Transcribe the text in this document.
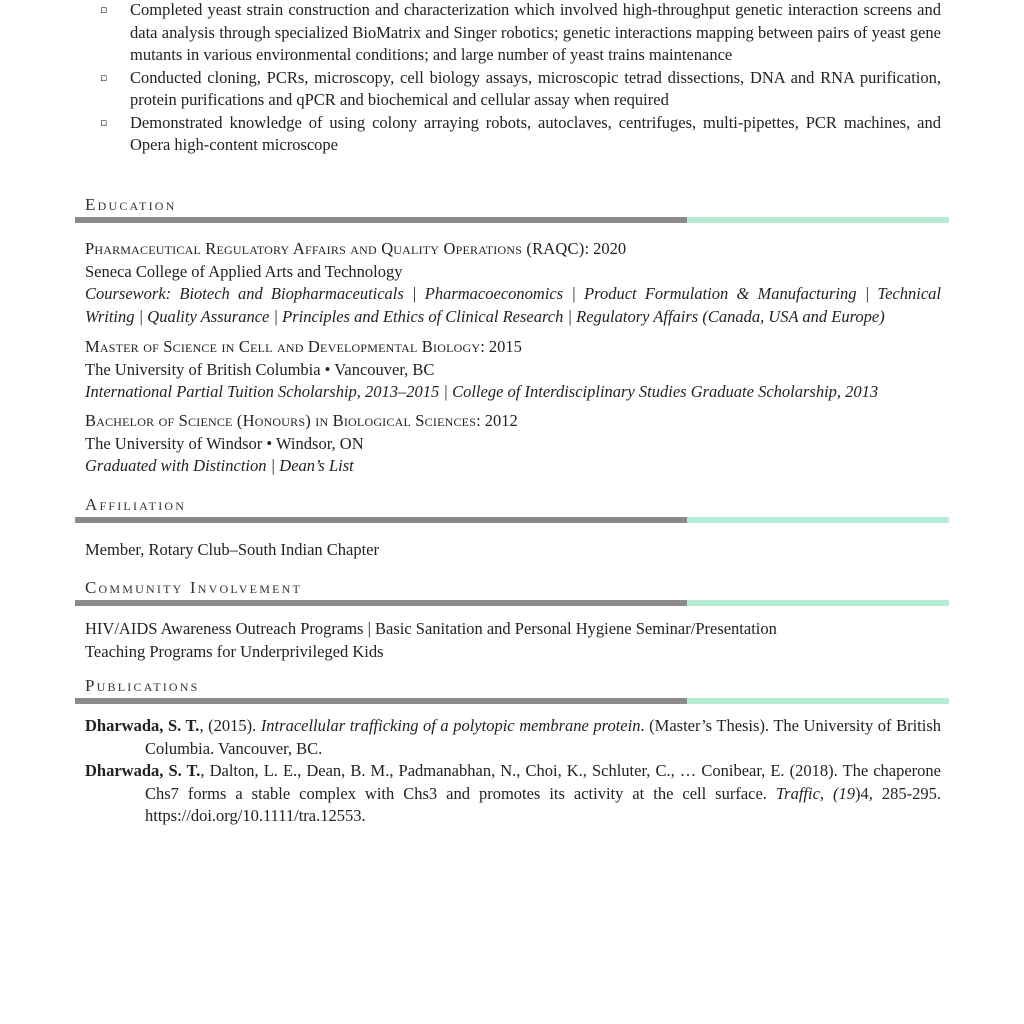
▫ Completed yeast strain construction and characterization which involved high-throughput genetic interaction screens and data analysis through specialized BioMatrix and Singer robotics; genetic interactions mapping between pairs of yeast gene mutants in various environmental conditions; and large number of yeast trains maintenance
▫ Conducted cloning, PCRs, microscopy, cell biology assays, microscopic tetrad dissections, DNA and RNA purification, protein purifications and qPCR and biochemical and cellular assay when required
▫ Demonstrated knowledge of using colony arraying robots, autoclaves, centrifuges, multi-pipettes, PCR machines, and Opera high-content microscope
Education
Pharmaceutical Regulatory Affairs and Quality Operations (RAQC): 2020
Seneca College of Applied Arts and Technology
Coursework: Biotech and Biopharmaceuticals | Pharmacoeconomics | Product Formulation & Manufacturing | Technical Writing | Quality Assurance | Principles and Ethics of Clinical Research | Regulatory Affairs (Canada, USA and Europe)
Master of Science in Cell and Developmental Biology: 2015
The University of British Columbia • Vancouver, BC
International Partial Tuition Scholarship, 2013–2015 | College of Interdisciplinary Studies Graduate Scholarship, 2013
Bachelor of Science (Honours) in Biological Sciences: 2012
The University of Windsor • Windsor, ON
Graduated with Distinction | Dean’s List
Affiliation
Member, Rotary Club–South Indian Chapter
Community Involvement
HIV/AIDS Awareness Outreach Programs | Basic Sanitation and Personal Hygiene Seminar/Presentation
Teaching Programs for Underprivileged Kids
Publications
Dharwada, S. T., (2015). Intracellular trafficking of a polytopic membrane protein. (Master’s Thesis). The University of British Columbia. Vancouver, BC.
Dharwada, S. T., Dalton, L. E., Dean, B. M., Padmanabhan, N., Choi, K., Schluter, C., … Conibear, E. (2018). The chaperone Chs7 forms a stable complex with Chs3 and promotes its activity at the cell surface. Traffic, (19)4, 285-295. https://doi.org/10.1111/tra.12553.
